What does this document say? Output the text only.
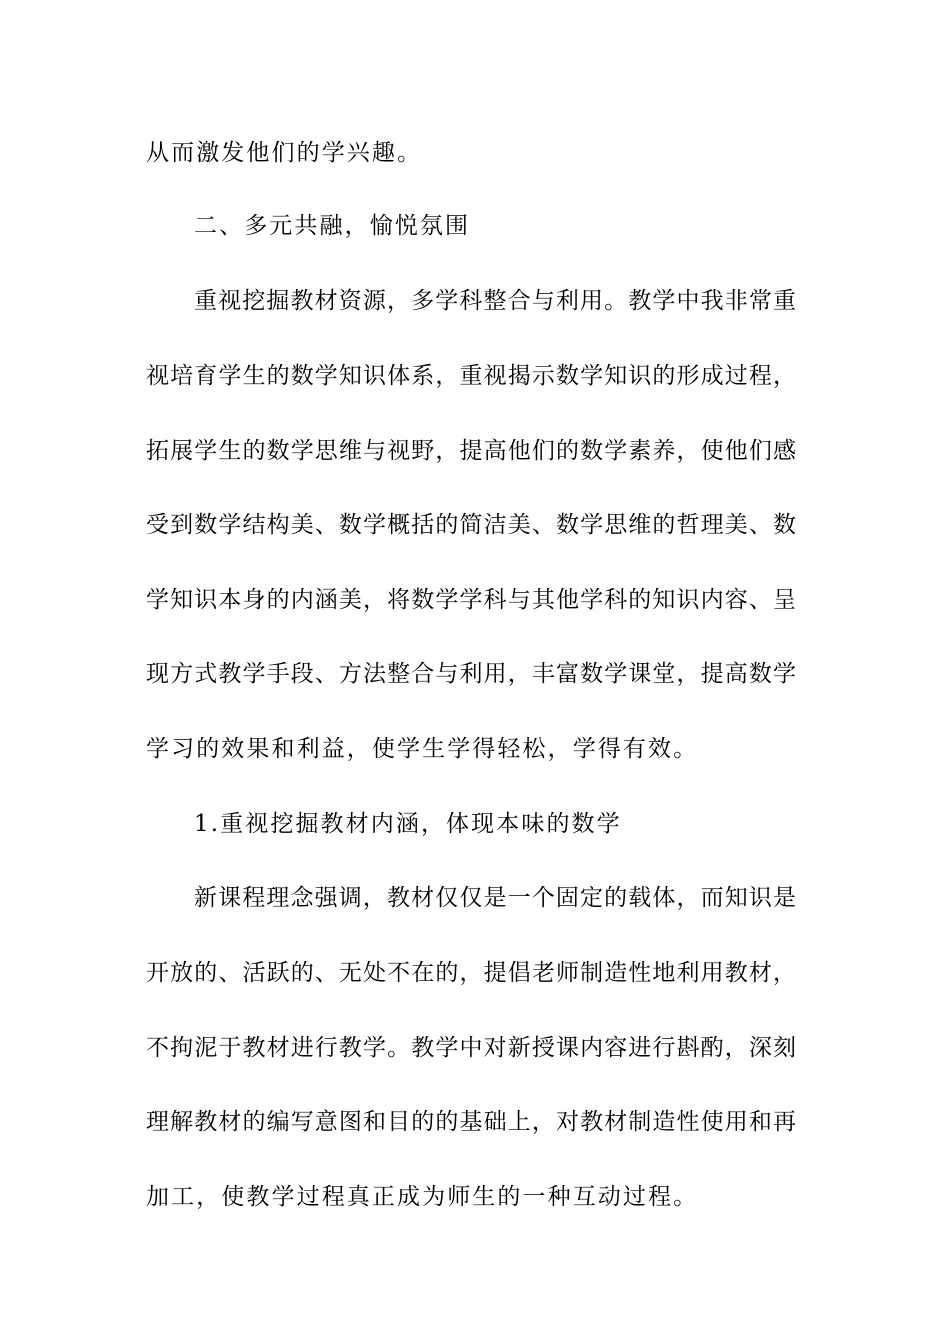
从而激发他们的学兴趣。
二、多元共融，愉悦氛围
重视挖掘教材资源，多学科整合与利用。教学中我非常重
视培育学生的数学知识体系，重视揭示数学知识的形成过程，
拓展学生的数学思维与视野，提高他们的数学素养，使他们感
受到数学结构美、数学概括的简洁美、数学思维的哲理美、数
学知识本身的内涵美，将数学学科与其他学科的知识内容、呈
现方式教学手段、方法整合与利用，丰富数学课堂，提高数学
学习的效果和利益，使学生学得轻松，学得有效。
1.重视挖掘教材内涵，体现本味的数学
新课程理念强调，教材仅仅是一个固定的载体，而知识是
开放的、活跃的、无处不在的，提倡老师制造性地利用教材，
不拘泥于教材进行教学。教学中对新授课内容进行斟酌，深刻
理解教材的编写意图和目的的基础上，对教材制造性使用和再
加工，使教学过程真正成为师生的一种互动过程。
